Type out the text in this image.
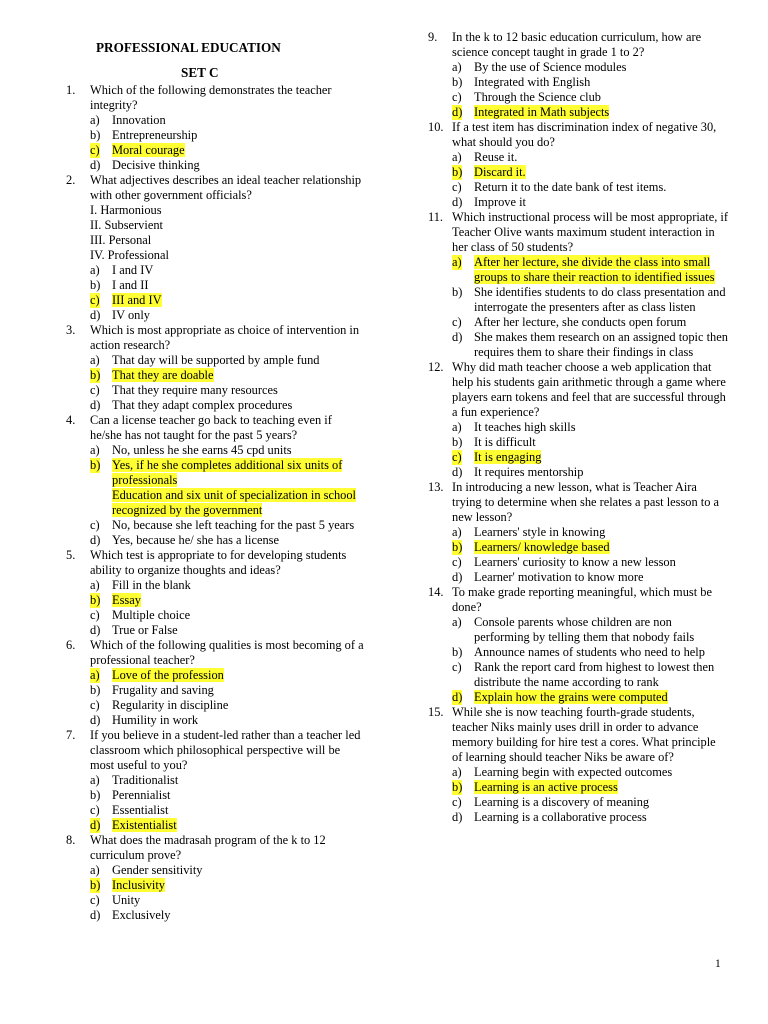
PROFESSIONAL EDUCATION
SET C
1. Which of the following demonstrates the teacher integrity?
a) Innovation
b) Entrepreneurship
c) Moral courage
d) Decisive thinking
2. What adjectives describes an ideal teacher relationship with other government officials?
I. Harmonious
II. Subservient
III. Personal
IV. Professional
a) I and IV
b) I and II
c) III and IV
d) IV only
3. Which is most appropriate as choice of intervention in action research?
a) That day will be supported by ample fund
b) That they are doable
c) That they require many resources
d) That they adapt complex procedures
4. Can a license teacher go back to teaching even if he/she has not taught for the past 5 years?
a) No, unless he she earns 45 cpd units
b) Yes, if he she completes additional six units of professionals
Education and six unit of specialization in school recognized by the government
c) No, because she left teaching for the past 5 years
d) Yes, because he/ she has a license
5. Which test is appropriate to for developing students ability to organize thoughts and ideas?
a) Fill in the blank
b) Essay
c) Multiple choice
d) True or False
6. Which of the following qualities is most becoming of a professional teacher?
a) Love of the profession
b) Frugality and saving
c) Regularity in discipline
d) Humility in work
7. If you believe in a student-led rather than a teacher led classroom which philosophical perspective will be most useful to you?
a) Traditionalist
b) Perennialist
c) Essentialist
d) Existentialist
8. What does the madrasah program of the k to 12 curriculum prove?
a) Gender sensitivity
b) Inclusivity
c) Unity
d) Exclusively
9. In the k to 12 basic education curriculum, how are science concept taught in grade 1 to 2?
a) By the use of Science modules
b) Integrated with English
c) Through the Science club
d) Integrated in Math subjects
10. If a test item has discrimination index of negative 30, what should you do?
a) Reuse it.
b) Discard it.
c) Return it to the date bank of test items.
d) Improve it
11. Which instructional process will be most appropriate, if Teacher Olive wants maximum student interaction in her class of 50 students?
a) After her lecture, she divide the class into small groups to share their reaction to identified issues
b) She identifies students to do class presentation and interrogate the presenters after as class listen
c) After her lecture, she conducts open forum
d) She makes them research on an assigned topic then requires them to share their findings in class
12. Why did math teacher choose a web application that help his students gain arithmetic through a game where players earn tokens and feel that are successful through a fun experience?
a) It teaches high skills
b) It is difficult
c) It is engaging
d) It requires mentorship
13. In introducing a new lesson, what is Teacher Aira trying to determine when she relates a past lesson to a new lesson?
a) Learners' style in knowing
b) Learners/ knowledge based
c) Learners' curiosity to know a new lesson
d) Learner' motivation to know more
14. To make grade reporting meaningful, which must be done?
a) Console parents whose children are non performing by telling them that nobody fails
b) Announce names of students who need to help
c) Rank the report card from highest to lowest then distribute the name according to rank
d) Explain how the grains were computed
15. While she is now teaching fourth-grade students, teacher Niks mainly uses drill in order to advance memory building for hire test a cores. What principle of learning should teacher Niks be aware of?
a) Learning begin with expected outcomes
b) Learning is an active process
c) Learning is a discovery of meaning
d) Learning is a collaborative process
1
